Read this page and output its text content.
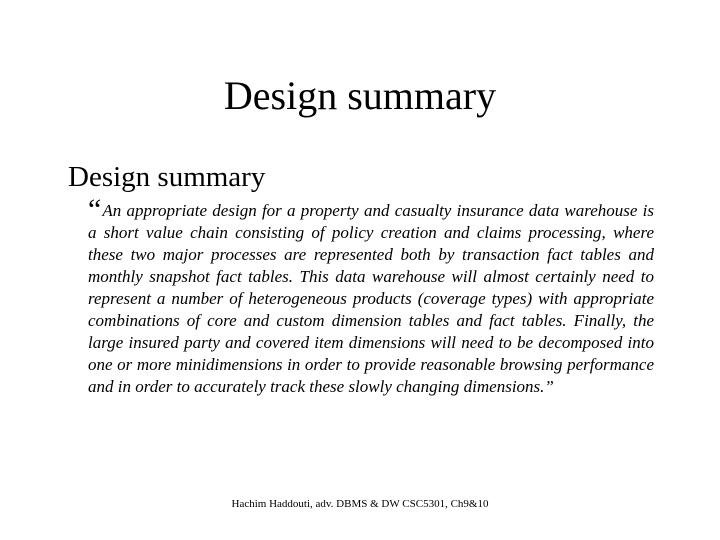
Design summary
Design summary
“An appropriate design for a property and casualty insurance data warehouse is a short value chain consisting of policy creation and claims processing, where these two major processes are represented both by transaction fact tables and monthly snapshot fact tables. This data warehouse will almost certainly need to represent a number of heterogeneous products (coverage types) with appropriate combinations of core and custom dimension tables and fact tables. Finally, the large insured party and covered item dimensions will need to be decomposed into one or more minidimensions in order to provide reasonable browsing performance and in order to accurately track these slowly changing dimensions.”
Hachim Haddouti, adv. DBMS & DW CSC5301, Ch9&10
